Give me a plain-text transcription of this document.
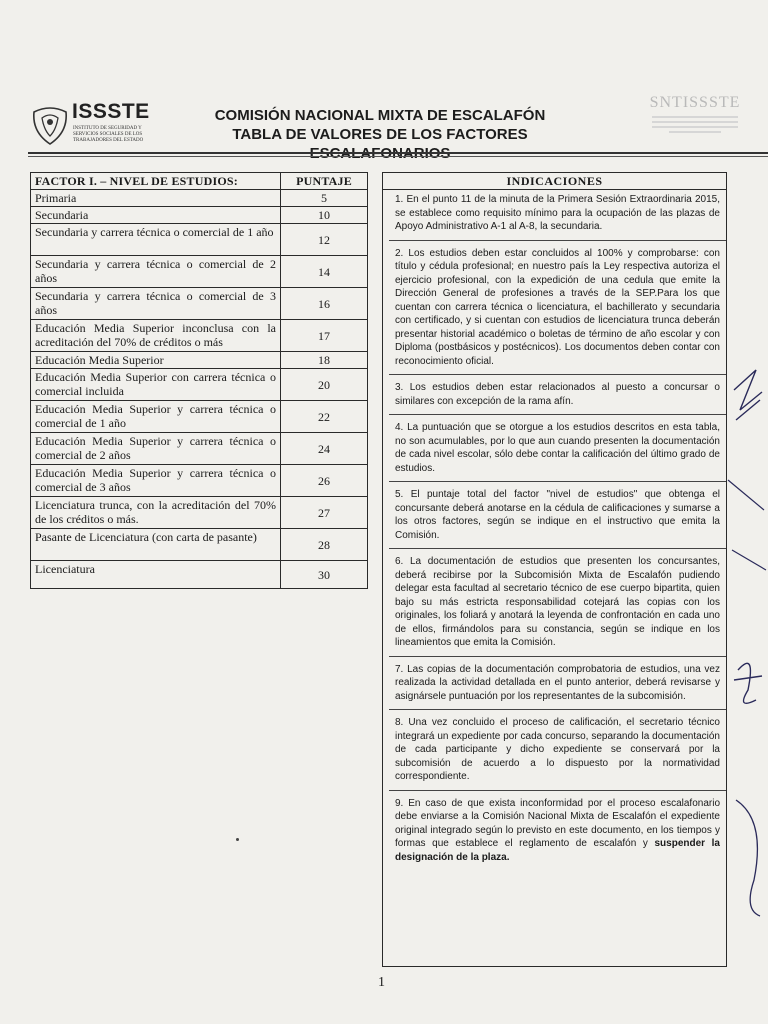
ISSSTE
INSTITUTO DE SEGURIDAD Y SERVICIOS SOCIALES DE LOS TRABAJADORES DEL ESTADO
COMISIÓN NACIONAL MIXTA DE ESCALAFÓN
TABLA DE VALORES DE LOS FACTORES
SNTISSSTE
FACTOR I. – NIVEL DE ESTUDIOS:	PUNTAJE
Primaria	5
Secundaria	10
Secundaria y carrera técnica o comercial de 1 año	12
Secundaria y carrera técnica o comercial de 2 años	14
Secundaria y carrera técnica o comercial de 3 años	16
Educación Media Superior inconclusa con la acreditación del 70% de créditos o más	17
Educación Media Superior	18
Educación Media Superior con carrera técnica o comercial incluida	20
Educación Media Superior y carrera técnica o comercial de 1 año	22
Educación Media Superior y carrera técnica o comercial de 2 años	24
Educación Media Superior y carrera técnica o comercial de 3 años	26
Licenciatura trunca, con la acreditación del 70% de los créditos o más.	27
Pasante de Licenciatura (con carta de pasante)	28
Licenciatura	30
INDICACIONES
1. En el punto 11 de la minuta de la Primera Sesión Extraordinaria 2015, se establece como requisito mínimo para la ocupación de las plazas de Apoyo Administrativo A-1 al A-8, la secundaria.
2. Los estudios deben estar concluidos al 100% y comprobarse: con título y cédula profesional; en nuestro país la Ley respectiva autoriza el ejercicio profesional, con la expedición de una cedula que emite la Dirección General de profesiones a través de la SEP.Para los que cuentan con carrera técnica o licenciatura, el bachillerato y secundaria con certificado, y si cuentan con estudios de licenciatura trunca deberán presentar historial académico o boletas de término de año escolar y con Diploma (postbásicos y postécnicos). Los documentos deben contar con reconocimiento oficial.
3. Los estudios deben estar relacionados al puesto a concursar o similares con excepción de la rama afín.
4. La puntuación que se otorgue a los estudios descritos en esta tabla, no son acumulables, por lo que aun cuando presenten la documentación de cada nivel escolar, sólo debe contar la calificación del último grado de estudios.
5. El puntaje total del factor "nivel de estudios" que obtenga el concursante deberá anotarse en la cédula de calificaciones y sumarse a los otros factores, según se indique en el instructivo que emita la Comisión.
6. La documentación de estudios que presenten los concursantes, deberá recibirse por la Subcomisión Mixta de Escalafón pudiendo delegar esta facultad al secretario técnico de ese cuerpo bipartita, quien bajo su más estricta responsabilidad cotejará las copias con los originales, los foliará y anotará la leyenda de confrontación en cada uno de ellos, firmándolos para su constancia, según se indique en los lineamientos que emita la Comisión.
7. Las copias de la documentación comprobatoria de estudios, una vez realizada la actividad detallada en el punto anterior, deberá revisarse y asignársele puntuación por los representantes de la subcomisión.
8. Una vez concluido el proceso de calificación, el secretario técnico integrará un expediente por cada concurso, separando la documentación de cada participante y dicho expediente se conservará por la subcomisión de acuerdo a lo dispuesto por la normatividad correspondiente.
9. En caso de que exista inconformidad por el proceso escalafonario debe enviarse a la Comisión Nacional Mixta de Escalafón el expediente original integrado según lo previsto en este documento, en los tiempos y formas que establece el reglamento de escalafón y suspender la designación de la plaza.
1
